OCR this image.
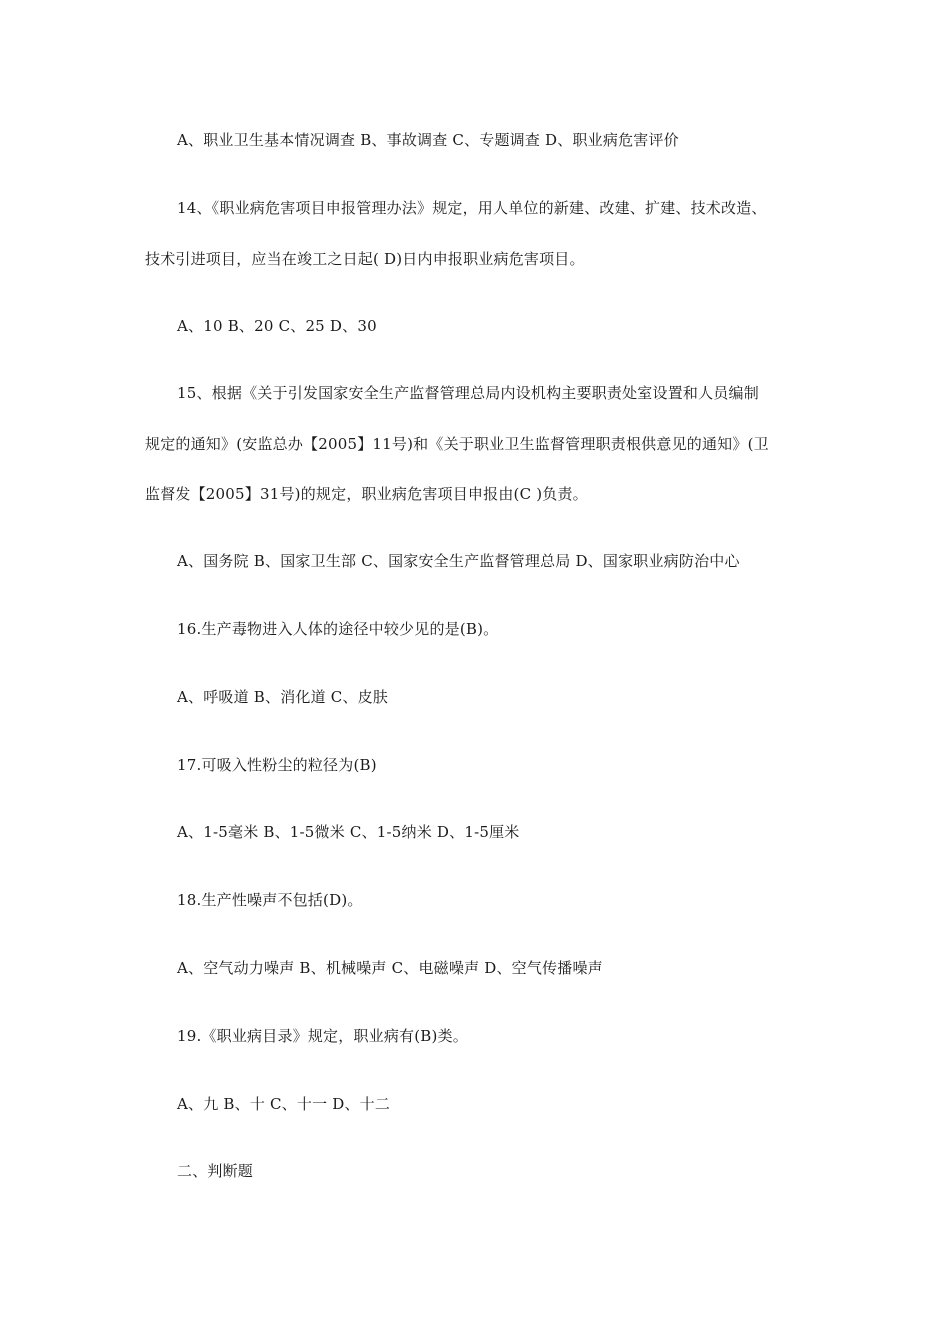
A、职业卫生基本情况调查 B、事故调查 C、专题调查 D、职业病危害评价
14、《职业病危害项目申报管理办法》规定，用人单位的新建、改建、扩建、技术改造、
技术引进项目，应当在竣工之日起( D)日内申报职业病危害项目。
A、10 B、20 C、25 D、30
15、根据《关于引发国家安全生产监督管理总局内设机构主要职责处室设置和人员编制
规定的通知》(安监总办【2005】11号)和《关于职业卫生监督管理职责根供意见的通知》(卫
监督发【2005】31号)的规定，职业病危害项目申报由(C )负责。
A、国务院 B、国家卫生部 C、国家安全生产监督管理总局 D、国家职业病防治中心
16.生产毒物进入人体的途径中较少见的是(B)。
A、呼吸道 B、消化道 C、皮肤
17.可吸入性粉尘的粒径为(B)
A、1-5毫米 B、1-5微米 C、1-5纳米 D、1-5厘米
18.生产性噪声不包括(D)。
A、空气动力噪声 B、机械噪声 C、电磁噪声 D、空气传播噪声
19.《职业病目录》规定，职业病有(B)类。
A、九 B、十 C、十一 D、十二
二、判断题
